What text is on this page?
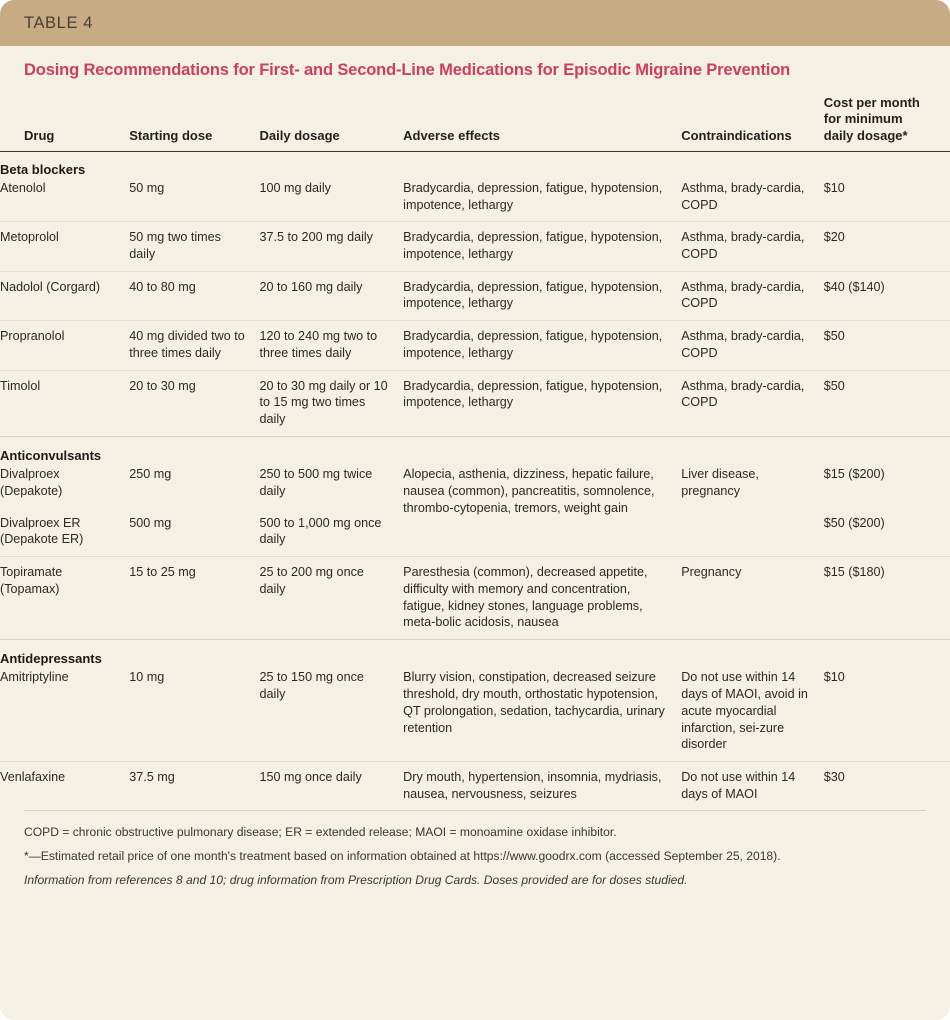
TABLE 4
Dosing Recommendations for First- and Second-Line Medications for Episodic Migraine Prevention
Drug	Starting dose	Daily dosage	Adverse effects	Contraindications	Cost per month for minimum daily dosage*
Beta blockers					
Atenolol	50 mg	100 mg daily	Bradycardia, depression, fatigue, hypotension, impotence, lethargy	Asthma, brady-cardia, COPD	$10
Metoprolol	50 mg two times daily	37.5 to 200 mg daily	Bradycardia, depression, fatigue, hypotension, impotence, lethargy	Asthma, brady-cardia, COPD	$20
Nadolol (Corgard)	40 to 80 mg	20 to 160 mg daily	Bradycardia, depression, fatigue, hypotension, impotence, lethargy	Asthma, brady-cardia, COPD	$40 ($140)
Propranolol	40 mg divided two to three times daily	120 to 240 mg two to three times daily	Bradycardia, depression, fatigue, hypotension, impotence, lethargy	Asthma, brady-cardia, COPD	$50
Timolol	20 to 30 mg	20 to 30 mg daily or 10 to 15 mg two times daily	Bradycardia, depression, fatigue, hypotension, impotence, lethargy	Asthma, brady-cardia, COPD	$50
Anticonvulsants					
Divalproex (Depakote)	250 mg	250 to 500 mg twice daily	Alopecia, asthenia, dizziness, hepatic failure, nausea (common), pancreatitis, somnolence, thrombo-cytopenia, tremors, weight gain	Liver disease, pregnancy	$15 ($200)
Divalproex ER (Depakote ER)	500 mg	500 to 1,000 mg once daily			$50 ($200)
Topiramate (Topamax)	15 to 25 mg	25 to 200 mg once daily	Paresthesia (common), decreased appetite, difficulty with memory and concentration, fatigue, kidney stones, language problems, meta-bolic acidosis, nausea	Pregnancy	$15 ($180)
Antidepressants					
Amitriptyline	10 mg	25 to 150 mg once daily	Blurry vision, constipation, decreased seizure threshold, dry mouth, orthostatic hypotension, QT prolongation, sedation, tachycardia, urinary retention	Do not use within 14 days of MAOI, avoid in acute myocardial infarction, sei-zure disorder	$10
Venlafaxine	37.5 mg	150 mg once daily	Dry mouth, hypertension, insomnia, mydriasis, nausea, nervousness, seizures	Do not use within 14 days of MAOI	$30
COPD = chronic obstructive pulmonary disease; ER = extended release; MAOI = monoamine oxidase inhibitor.
*—Estimated retail price of one month's treatment based on information obtained at https://www.goodrx.com (accessed September 25, 2018).
Information from references 8 and 10; drug information from Prescription Drug Cards. Doses provided are for doses studied.
